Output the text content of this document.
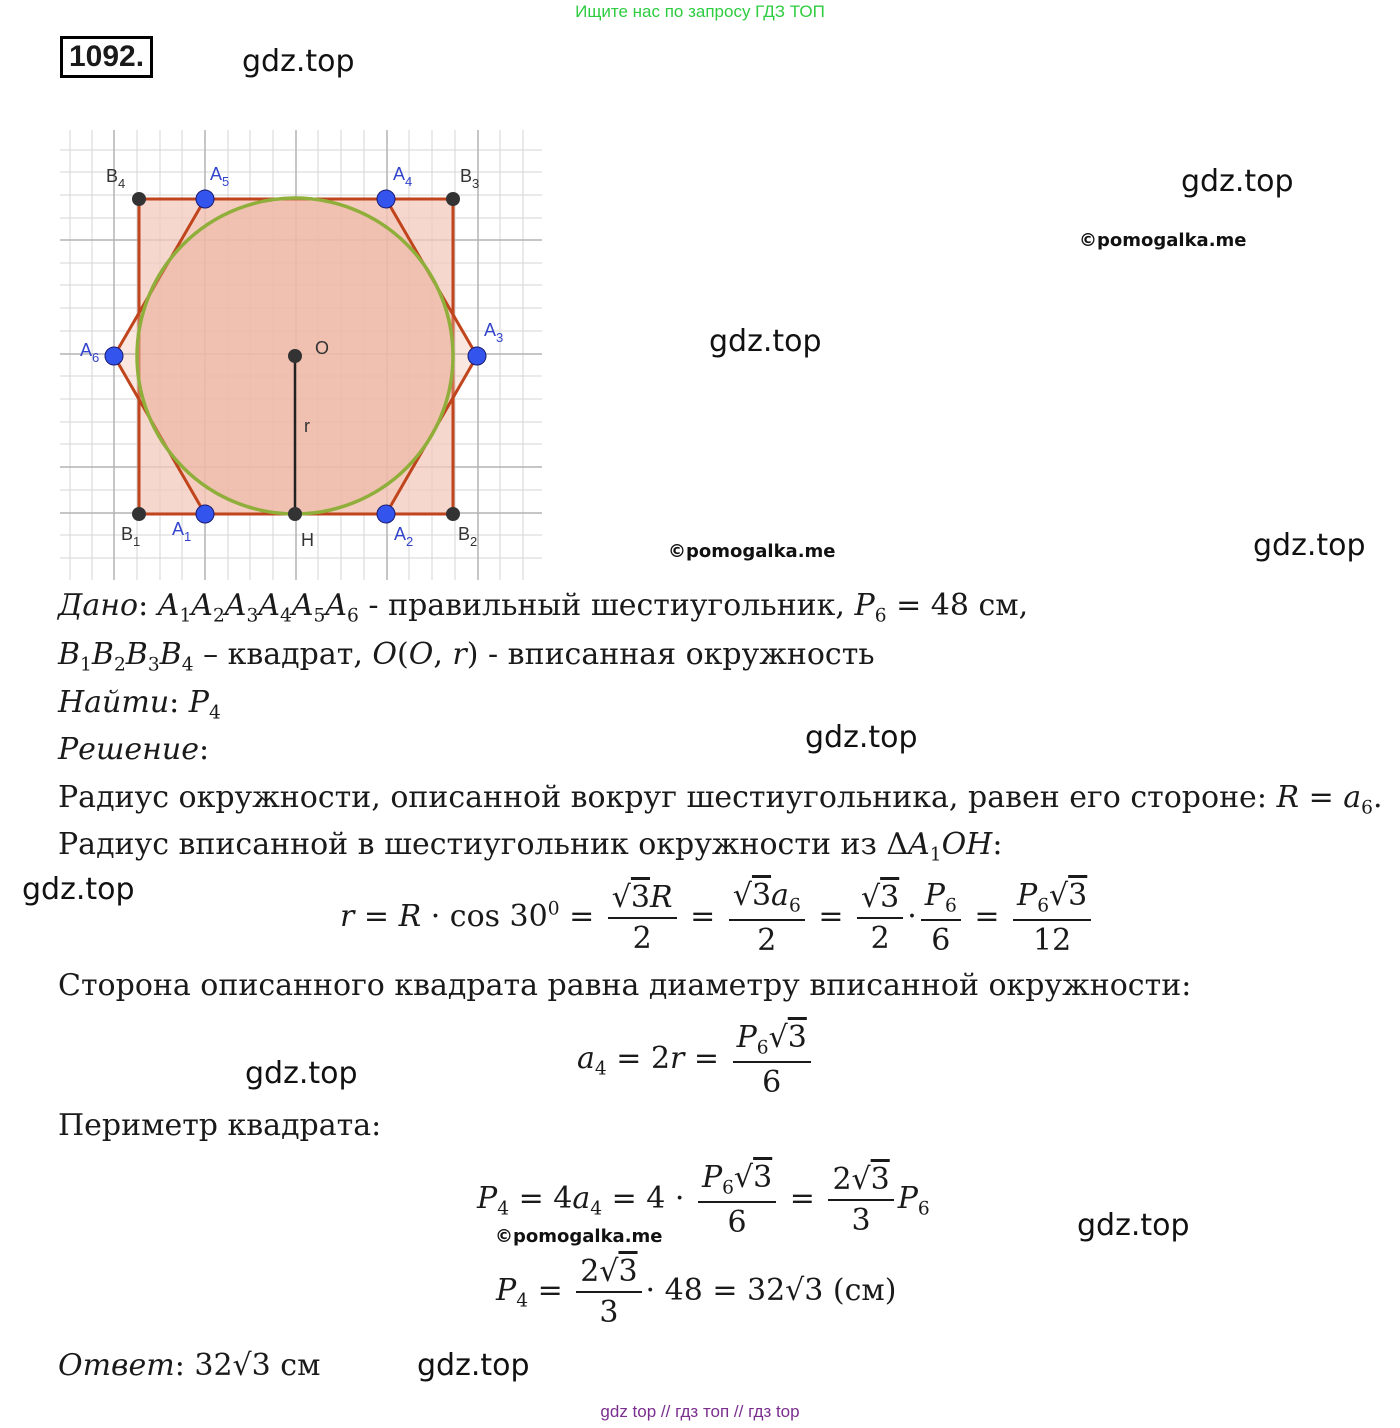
Ищите нас по запросу ГДЗ ТОП
1092.	gdz.top
gdz.top
©pomogalka.me
gdz.top
©pomogalka.me	gdz.top
gdz.top
gdz.top
gdz.top
gdz.top
©pomogalka.me
gdz.top
$B_4$	$B_3$
$B_2$
$B_1$
O
r
H
$A_1$	$A_2$
$A_3$
$A_4$
$A_5$
$A_6$
Дано: $A_1A_2A_3A_4A_5A_6$ - правильный шестиугольник, $P_6 = 48$ см,
$B_1B_2B_3B_4$ – квадрат, O(O, r) - вписанная окружность
Найти: $P_4$
Решение:
Радиус окружности, описанной вокруг шестиугольника, равен его стороне: $R = a_6$.
Радиус вписанной в шестиугольник окружности из $\Delta A_1OH$:
$r = R \cdot \cos 30^0 = \frac{√3R}{2} = \frac{√3a_6}{2} = \frac{√3}{2} \cdot \frac{P_6}{6} = \frac{P_6√3}{12}$
Сторона описанного квадрата равна диаметру вписанной окружности:
$a_4 = 2r = \frac{P_6√3}{6}$
Периметр квадрата:
$P_4 = 4a_4 = 4 \cdot \frac{P_6√3}{6} = \frac{2√3}{3} P_6$
$P_4 = \frac{2√3}{3} \cdot 48 = 32√3$ (см)
Ответ: 32√3 см
gdz top // гдз топ // гдз top
